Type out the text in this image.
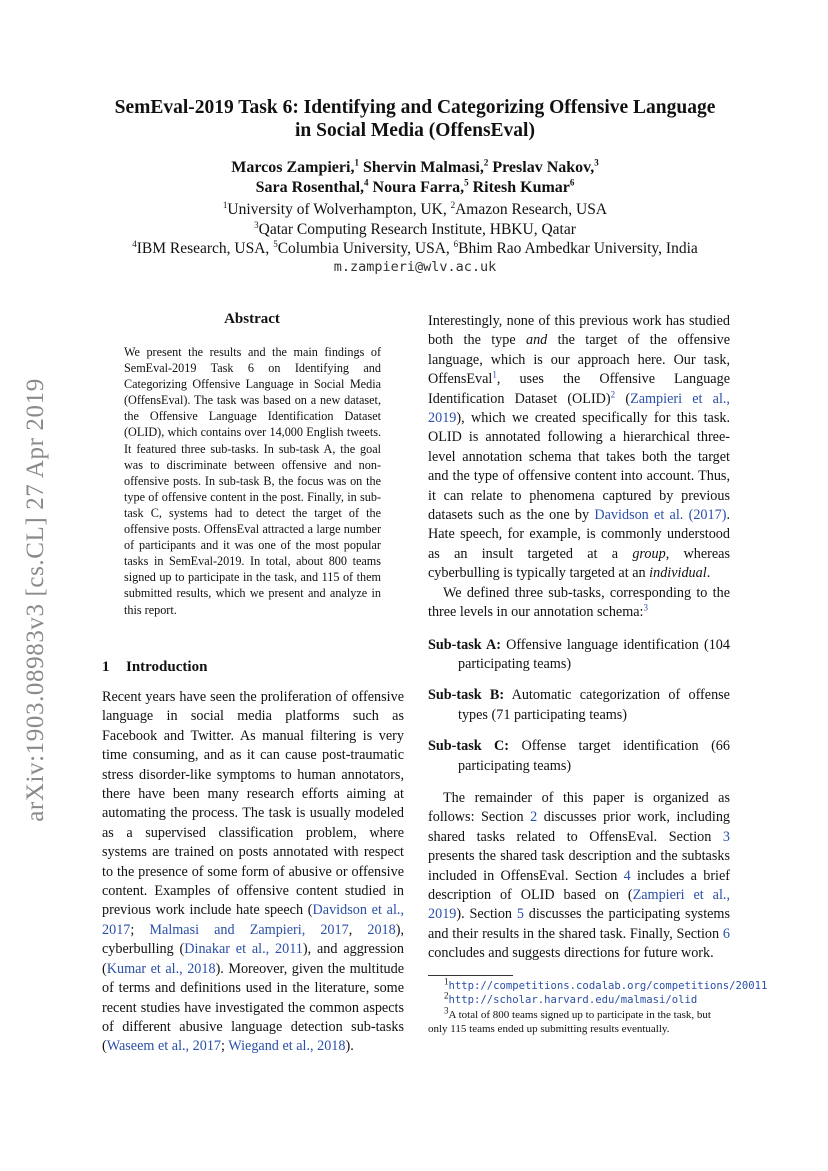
arXiv:1903.08983v3 [cs.CL] 27 Apr 2019
SemEval-2019 Task 6: Identifying and Categorizing Offensive Language
in Social Media (OffensEval)
Marcos Zampieri,$^1$ Shervin Malmasi,$^2$ Preslav Nakov,$^3$
Sara Rosenthal,$^4$ Noura Farra,$^5$ Ritesh Kumar$^6$
$^1$University of Wolverhampton, UK, $^2$Amazon Research, USA
$^3$Qatar Computing Research Institute, HBKU, Qatar
$^4$IBM Research, USA, $^5$Columbia University, USA, $^6$Bhim Rao Ambedkar University, India
m.zampieri@wlv.ac.uk
Abstract
We present the results and the main findings of SemEval-2019 Task 6 on Identifying and Categorizing Offensive Language in Social Media (OffensEval). The task was based on a new dataset, the Offensive Language Identification Dataset (OLID), which contains over 14,000 English tweets. It featured three sub-tasks. In sub-task A, the goal was to discriminate between offensive and non-offensive posts. In sub-task B, the focus was on the type of offensive content in the post. Finally, in sub-task C, systems had to detect the target of the offensive posts. OffensEval attracted a large number of participants and it was one of the most popular tasks in SemEval-2019. In total, about 800 teams signed up to participate in the task, and 115 of them submitted results, which we present and analyze in this report.
1 Introduction
Recent years have seen the proliferation of offensive language in social media platforms such as Facebook and Twitter. As manual filtering is very time consuming, and as it can cause post-traumatic stress disorder-like symptoms to human annotators, there have been many research efforts aiming at automating the process. The task is usually modeled as a supervised classification problem, where systems are trained on posts annotated with respect to the presence of some form of abusive or offensive content. Examples of offensive content studied in previous work include hate speech (Davidson et al., 2017; Malmasi and Zampieri, 2017, 2018), cyberbulling (Dinakar et al., 2011), and aggression (Kumar et al., 2018). Moreover, given the multitude of terms and definitions used in the literature, some recent studies have investigated the common aspects of different abusive language detection sub-tasks (Waseem et al., 2017; Wiegand et al., 2018).

Interestingly, none of this previous work has studied both the type and the target of the offensive language, which is our approach here. Our task, OffensEval$^1$, uses the Offensive Language Identification Dataset (OLID)$^2$ (Zampieri et al., 2019), which we created specifically for this task. OLID is annotated following a hierarchical three-level annotation schema that takes both the target and the type of offensive content into account. Thus, it can relate to phenomena captured by previous datasets such as the one by Davidson et al. (2017). Hate speech, for example, is commonly understood as an insult targeted at a group, whereas cyberbulling is typically targeted at an individual.

We defined three sub-tasks, corresponding to the three levels in our annotation schema:$^3$

Sub-task A: Offensive language identification (104 participating teams)

Sub-task B: Automatic categorization of offense types (71 participating teams)

Sub-task C: Offense target identification (66 participating teams)

The remainder of this paper is organized as follows: Section 2 discusses prior work, including shared tasks related to OffensEval. Section 3 presents the shared task description and the subtasks included in OffensEval. Section 4 includes a brief description of OLID based on (Zampieri et al., 2019). Section 5 discusses the participating systems and their results in the shared task. Finally, Section 6 concludes and suggests directions for future work.

$^1$http://competitions.codalab.org/competitions/20011
$^2$http://scholar.harvard.edu/malmasi/olid
$^3$A total of 800 teams signed up to participate in the task, but only 115 teams ended up submitting results eventually.
